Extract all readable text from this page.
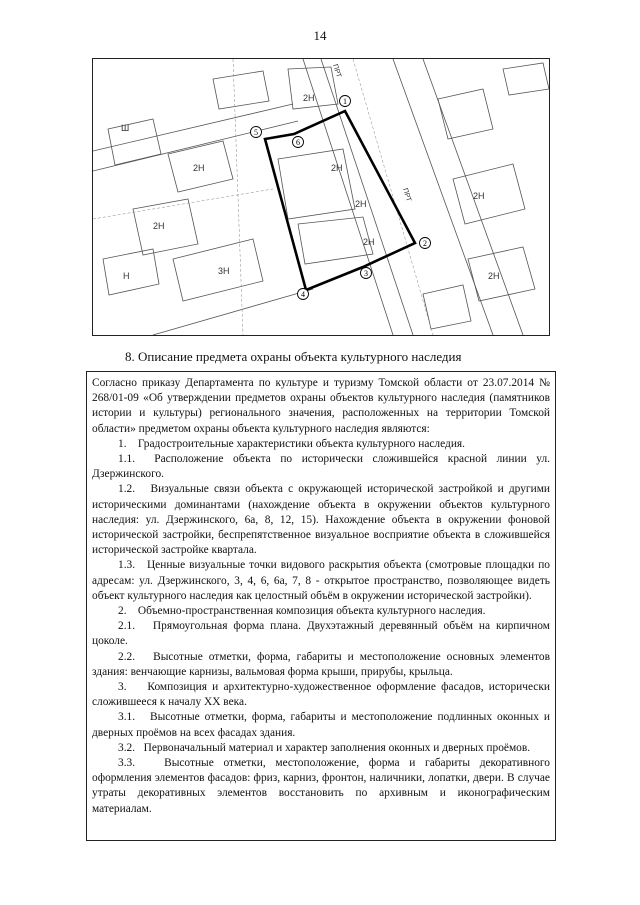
14
1
2
3
4
5
6
2Н
2Н
2Н
2Н
2Н
2Н
2Н
2Н
3Н
Н
Ш
ПРТ
ПРТ
8. Описание предмета охраны объекта культурного наследия

Согласно приказу Департамента по культуре и туризму Томской области от 23.07.2014 № 268/01-09 «Об утверждении предметов охраны объектов культурного наследия (памятников истории и культуры) регионального значения, расположенных на территории Томской области» предметом охраны объекта культурного наследия являются:

1.    Градостроительные характеристики объекта культурного наследия.

1.1.  Расположение объекта по исторически сложившейся красной линии ул. Дзержинского.

1.2.   Визуальные связи объекта с окружающей исторической застройкой и другими историческими доминантами (нахождение объекта в окружении объектов культурного наследия: ул. Дзержинского, 6а, 8, 12, 15). Нахождение объекта в окружении фоновой исторической застройки, беспрепятственное визуальное восприятие объекта в сложившейся исторической застройке квартала.

1.3.   Ценные визуальные точки видового раскрытия объекта (смотровые площадки по адресам: ул. Дзержинского, 3, 4, 6, 6а, 7, 8 - открытое пространство, позволяющее видеть объект культурного наследия как целостный объём в окружении исторической застройки).

2.    Объемно-пространственная композиция объекта культурного наследия.

2.1.   Прямоугольная форма плана. Двухэтажный деревянный объём на кирпичном цоколе.

2.2.   Высотные отметки, форма, габариты и местоположение основных элементов здания: венчающие карнизы, вальмовая форма крыши, прирубы, крыльца.

3.    Композиция и архитектурно-художественное оформление фасадов, исторически сложившееся к началу XX века.

3.1.   Высотные отметки, форма, габариты и местоположение подлинных оконных и дверных проёмов на всех фасадах здания.

3.2.   Первоначальный материал и характер заполнения оконных и дверных проёмов.

3.3.   Высотные отметки, местоположение, форма и габариты декоративного оформления элементов фасадов: фриз, карниз, фронтон, наличники, лопатки, двери. В случае утраты декоративных элементов восстановить по архивным и иконографическим материалам.
